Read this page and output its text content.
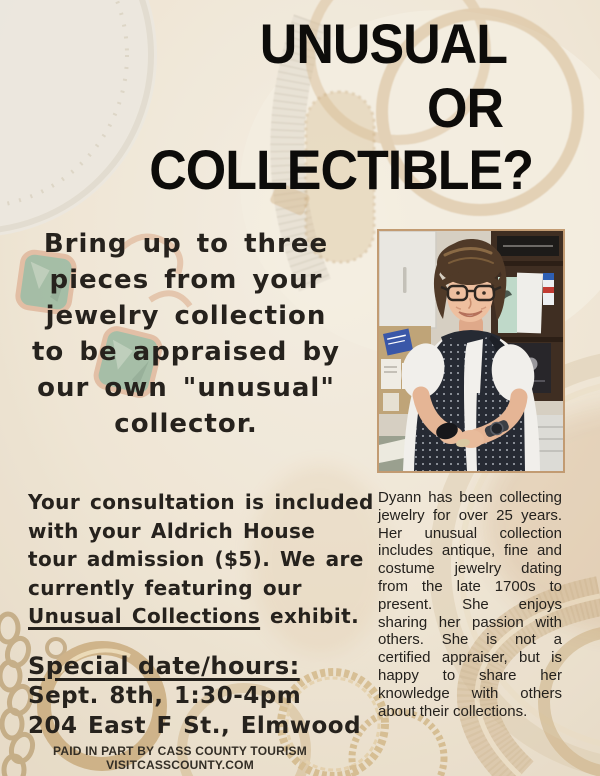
UNUSUAL
OR
COLLECTIBLE?
Bring up to three
pieces from your
jewelry collection
to be appraised by
our own "unusual"
collector.

Dyann has been collecting jewelry for over 25 years. Her unusual collection includes antique, fine and costume jewelry dating from the late 1700s to present. She enjoys sharing her passion with others. She is not a certified appraiser, but is happy to share her knowledge with others about their collections.

Your consultation is included
with your Aldrich House
tour admission ($5). We are
currently featuring our
Unusual Collections exhibit.
Special date/hours:
Sept. 8th, 1:30-4pm
204 East F St., Elmwood
PAID IN PART BY CASS COUNTY TOURISM
VISITCASSCOUNTY.COM
